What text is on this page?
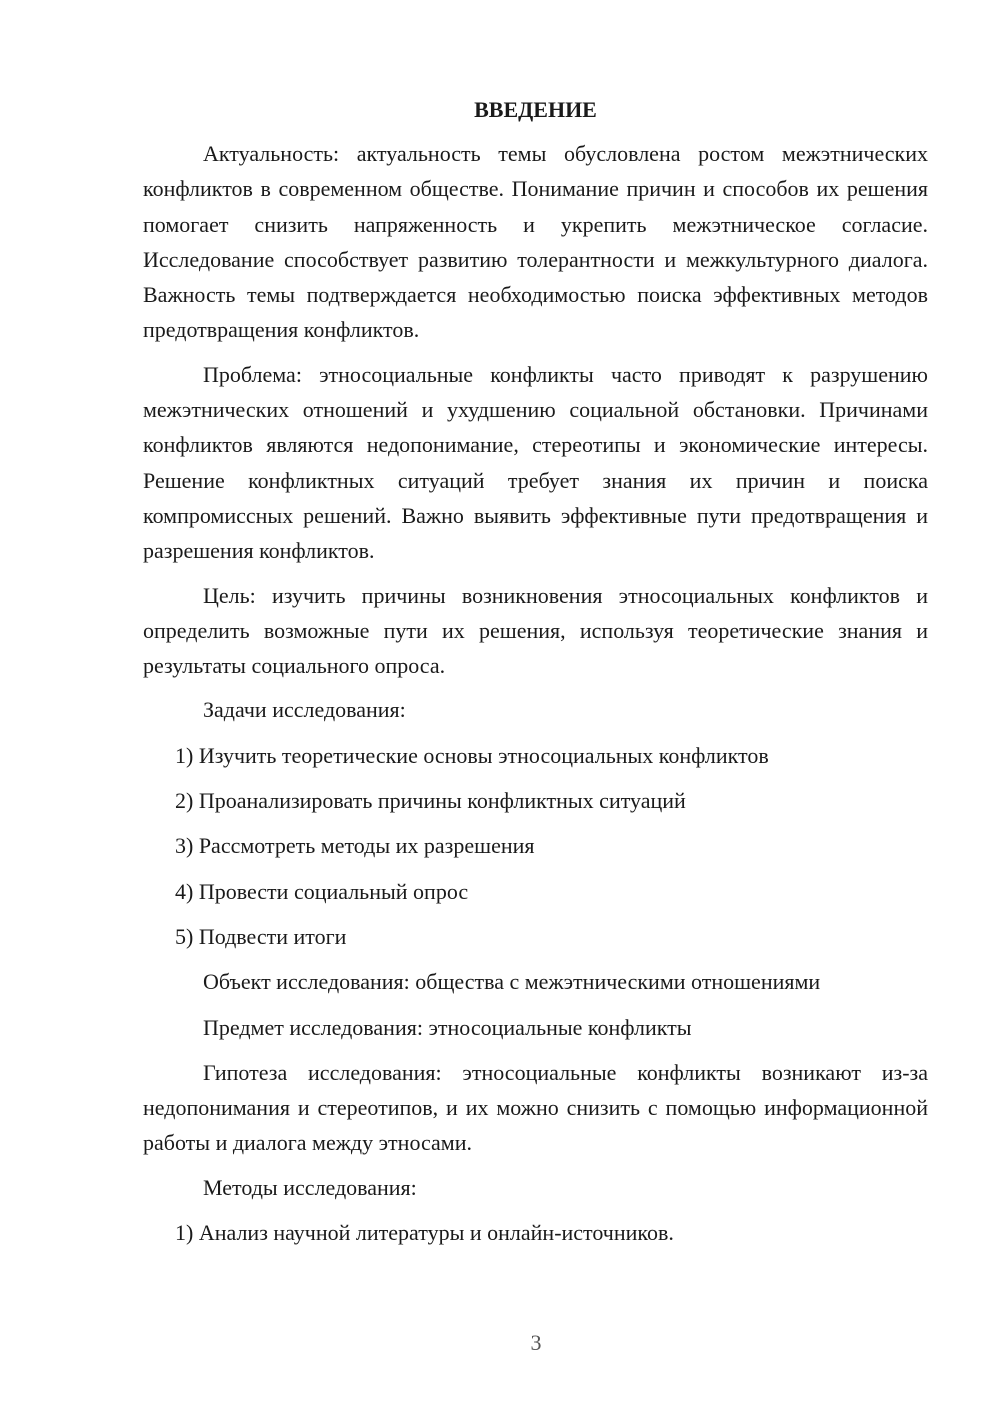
ВВЕДЕНИЕ

Актуальность: актуальность темы обусловлена ростом межэтнических конфликтов в современном обществе. Понимание причин и способов их решения помогает снизить напряженность и укрепить межэтническое согласие. Исследование способствует развитию толерантности и межкультурного диалога. Важность темы подтверждается необходимостью поиска эффективных методов предотвращения конфликтов.

Проблема: этносоциальные конфликты часто приводят к разрушению межэтнических отношений и ухудшению социальной обстановки. Причинами конфликтов являются недопонимание, стереотипы и экономические интересы. Решение конфликтных ситуаций требует знания их причин и поиска компромиссных решений. Важно выявить эффективные пути предотвращения и разрешения конфликтов.

Цель: изучить причины возникновения этносоциальных конфликтов и определить возможные пути их решения, используя теоретические знания и результаты социального опроса.

Задачи исследования:
1) Изучить теоретические основы этносоциальных конфликтов
2) Проанализировать причины конфликтных ситуаций
3) Рассмотреть методы их разрешения
4) Провести социальный опрос
5) Подвести итоги
Объект исследования: общества с межэтническими отношениями
Предмет исследования: этносоциальные конфликты

Гипотеза исследования: этносоциальные конфликты возникают из-за недопонимания и стереотипов, и их можно снизить с помощью информационной работы и диалога между этносами.

Методы исследования:
1) Анализ научной литературы и онлайн-источников.
3
